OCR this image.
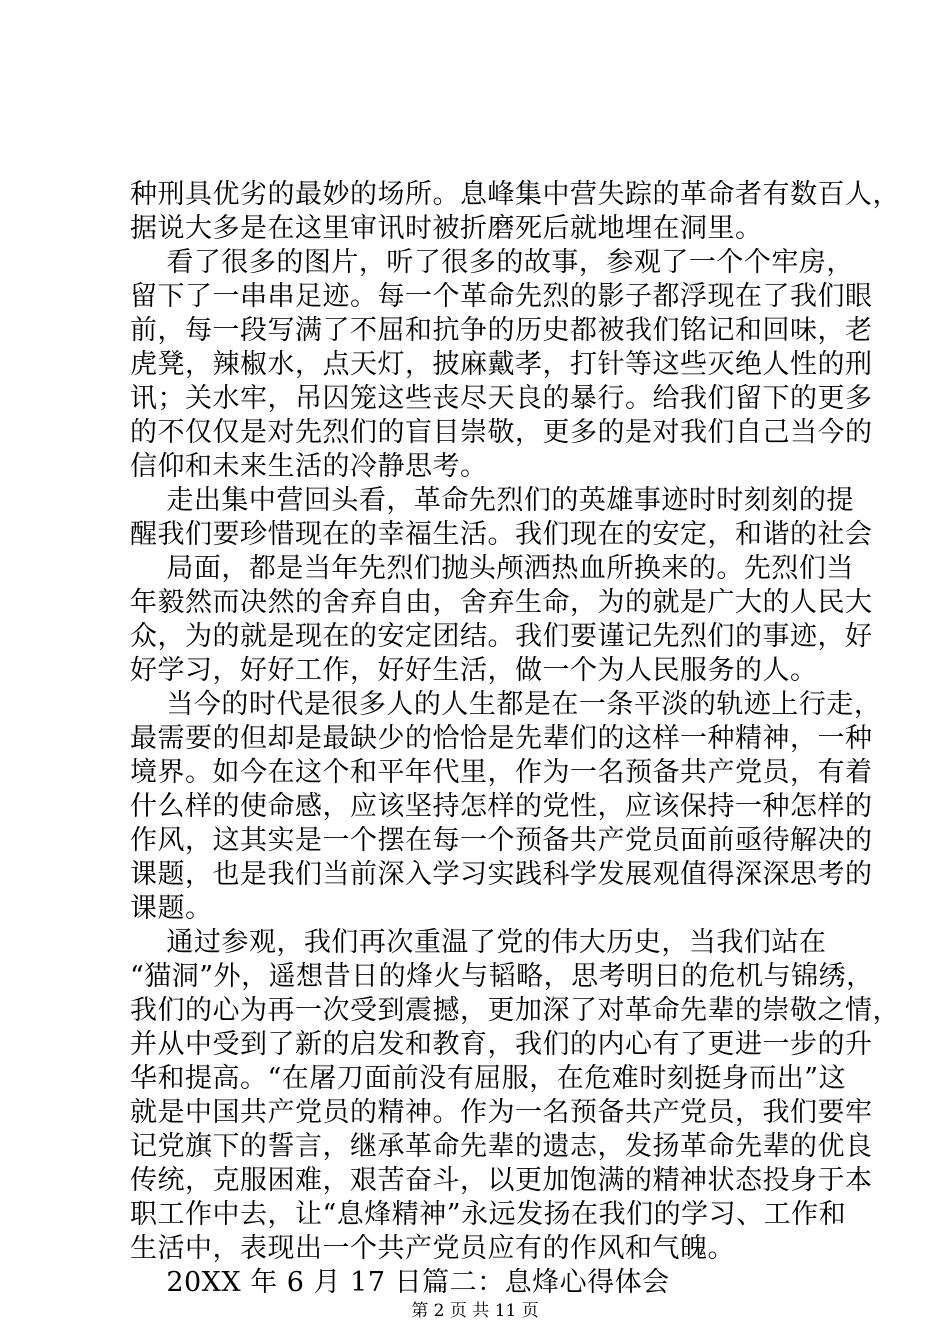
种刑具优劣的最妙的场所。息峰集中营失踪的革命者有数百人，
据说大多是在这里审讯时被折磨死后就地埋在洞里。
看了很多的图片，听了很多的故事，参观了一个个牢房，
留下了一串串足迹。每一个革命先烈的影子都浮现在了我们眼
前，每一段写满了不屈和抗争的历史都被我们铭记和回味，老
虎凳，辣椒水，点天灯，披麻戴孝，打针等这些灭绝人性的刑
讯；关水牢，吊囚笼这些丧尽天良的暴行。给我们留下的更多
的不仅仅是对先烈们的盲目崇敬，更多的是对我们自己当今的
信仰和未来生活的冷静思考。
走出集中营回头看，革命先烈们的英雄事迹时时刻刻的提
醒我们要珍惜现在的幸福生活。我们现在的安定，和谐的社会
局面，都是当年先烈们抛头颅洒热血所换来的。先烈们当
年毅然而决然的舍弃自由，舍弃生命，为的就是广大的人民大
众，为的就是现在的安定团结。我们要谨记先烈们的事迹，好
好学习，好好工作，好好生活，做一个为人民服务的人。
当今的时代是很多人的人生都是在一条平淡的轨迹上行走，
最需要的但却是最缺少的恰恰是先辈们的这样一种精神，一种
境界。如今在这个和平年代里，作为一名预备共产党员，有着
什么样的使命感，应该坚持怎样的党性，应该保持一种怎样的
作风，这其实是一个摆在每一个预备共产党员面前亟待解决的
课题，也是我们当前深入学习实践科学发展观值得深深思考的
课题。
通过参观，我们再次重温了党的伟大历史，当我们站在
“猫洞”外，遥想昔日的烽火与韬略，思考明日的危机与锦绣，
我们的心为再一次受到震撼，更加深了对革命先辈的崇敬之情，
并从中受到了新的启发和教育，我们的内心有了更进一步的升
华和提高。“在屠刀面前没有屈服，在危难时刻挺身而出”这
就是中国共产党员的精神。作为一名预备共产党员，我们要牢
记党旗下的誓言，继承革命先辈的遗志，发扬革命先辈的优良
传统，克服困难，艰苦奋斗，以更加饱满的精神状态投身于本
职工作中去，让“息烽精神”永远发扬在我们的学习、工作和
生活中，表现出一个共产党员应有的作风和气魄。
20XX 年 6 月 17 日篇二：息烽心得体会
第 2 页 共 11 页
